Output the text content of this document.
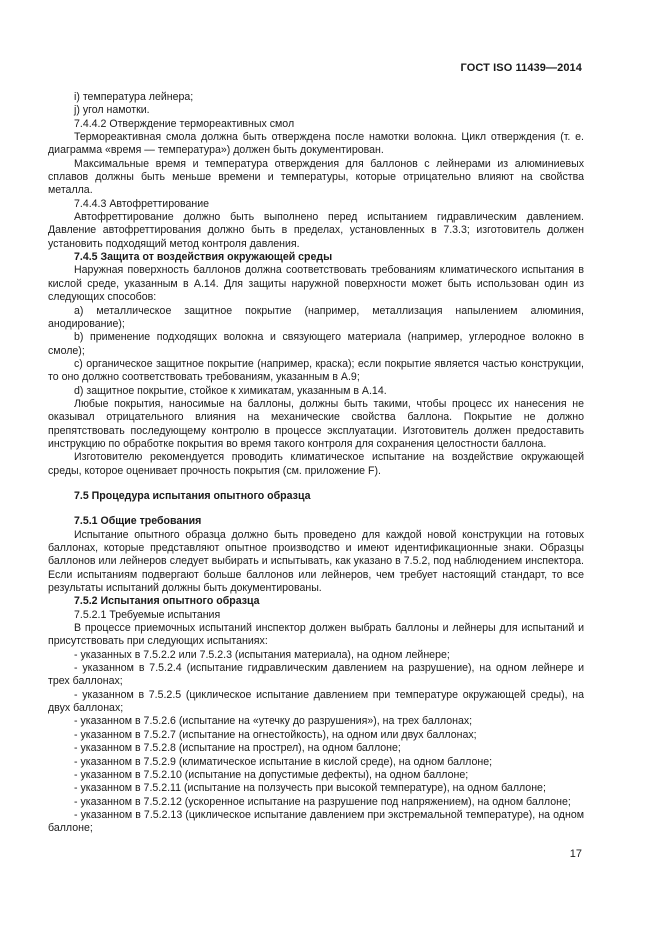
ГОСТ ISO 11439—2014

i) температура лейнера;

j) угол намотки.

7.4.4.2 Отверждение термореактивных смол

Термореактивная смола должна быть отверждена после намотки волокна. Цикл отверждения (т. е. диаграмма «время — температура») должен быть документирован.

Максимальные время и температура отверждения для баллонов с лейнерами из алюминиевых сплавов должны быть меньше времени и температуры, которые отрицательно влияют на свойства металла.

7.4.4.3 Автофреттирование

Автофреттирование должно быть выполнено перед испытанием гидравлическим давлением. Давление автофреттирования должно быть в пределах, установленных в 7.3.3; изготовитель должен установить подходящий метод контроля давления.

7.4.5 Защита от воздействия окружающей среды

Наружная поверхность баллонов должна соответствовать требованиям климатического испытания в кислой среде, указанным в А.14. Для защиты наружной поверхности может быть использован один из следующих способов:

a) металлическое защитное покрытие (например, металлизация напылением алюминия, анодирование);

b) применение подходящих волокна и связующего материала (например, углеродное волокно в смоле);

c) органическое защитное покрытие (например, краска); если покрытие является частью конструкции, то оно должно соответствовать требованиям, указанным в А.9;

d) защитное покрытие, стойкое к химикатам, указанным в А.14.

Любые покрытия, наносимые на баллоны, должны быть такими, чтобы процесс их нанесения не оказывал отрицательного влияния на механические свойства баллона. Покрытие не должно препятствовать последующему контролю в процессе эксплуатации. Изготовитель должен предоставить инструкцию по обработке покрытия во время такого контроля для сохранения целостности баллона.

Изготовителю рекомендуется проводить климатическое испытание на воздействие окружающей среды, которое оценивает прочность покрытия (см. приложение F).

7.5 Процедура испытания опытного образца

7.5.1 Общие требования

Испытание опытного образца должно быть проведено для каждой новой конструкции на готовых баллонах, которые представляют опытное производство и имеют идентификационные знаки. Образцы баллонов или лейнеров следует выбирать и испытывать, как указано в 7.5.2, под наблюдением инспектора. Если испытаниям подвергают больше баллонов или лейнеров, чем требует настоящий стандарт, то все результаты испытаний должны быть документированы.

7.5.2 Испытания опытного образца

7.5.2.1 Требуемые испытания

В процессе приемочных испытаний инспектор должен выбрать баллоны и лейнеры для испытаний и присутствовать при следующих испытаниях:

- указанных в 7.5.2.2 или 7.5.2.3 (испытания материала), на одном лейнере;

- указанном в 7.5.2.4 (испытание гидравлическим давлением на разрушение), на одном лейнере и трех баллонах;

- указанном в 7.5.2.5 (циклическое испытание давлением при температуре окружающей среды), на двух баллонах;

- указанном в 7.5.2.6 (испытание на «утечку до разрушения»), на трех баллонах;

- указанном в 7.5.2.7 (испытание на огнестойкость), на одном или двух баллонах;

- указанном в 7.5.2.8 (испытание на прострел), на одном баллоне;

- указанном в 7.5.2.9 (климатическое испытание в кислой среде), на одном баллоне;

- указанном в 7.5.2.10 (испытание на допустимые дефекты), на одном баллоне;

- указанном в 7.5.2.11 (испытание на ползучесть при высокой температуре), на одном баллоне;

- указанном в 7.5.2.12 (ускоренное испытание на разрушение под напряжением), на одном баллоне;

- указанном в 7.5.2.13 (циклическое испытание давлением при экстремальной температуре), на одном баллоне;

17
